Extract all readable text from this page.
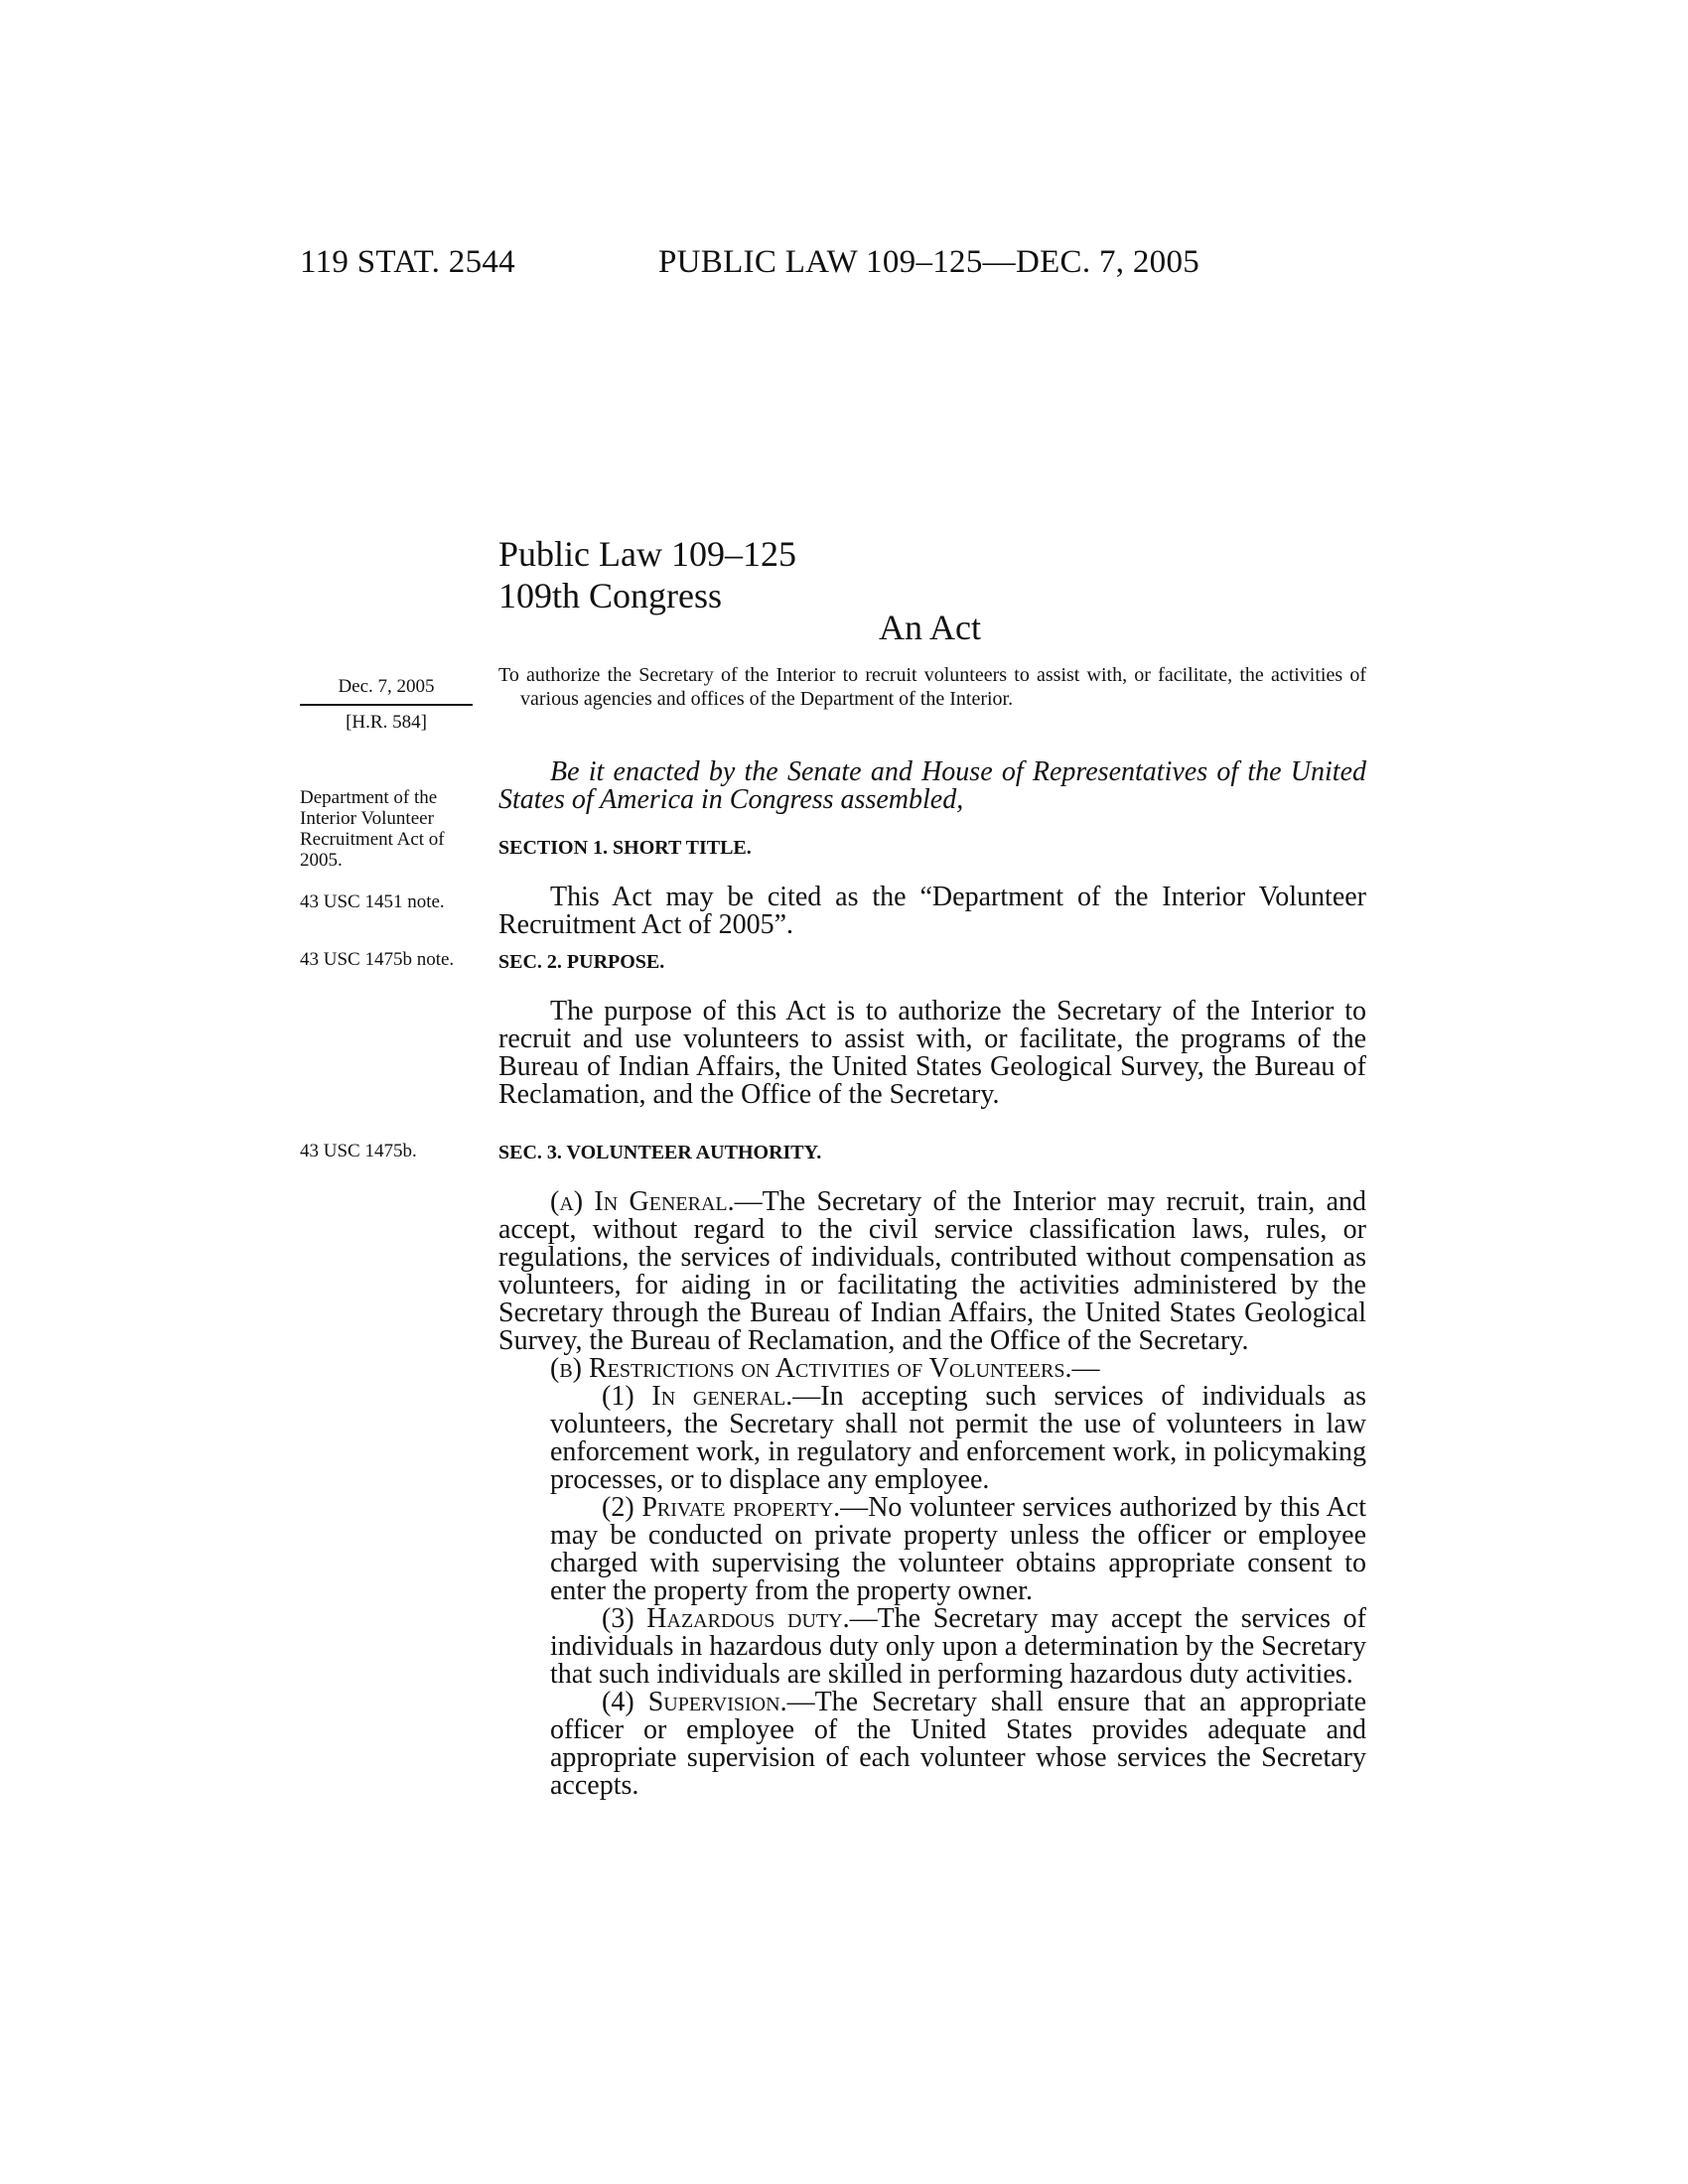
119 STAT. 2544	PUBLIC LAW 109–125—DEC. 7, 2005
Public Law 109–125
109th Congress
An Act
Dec. 7, 2005
[H.R. 584]

To authorize the Secretary of the Interior to recruit volunteers to assist with, or facilitate, the activities of various agencies and offices of the Department of the Interior.

Department of the Interior Volunteer Recruitment Act of 2005.
43 USC 1451 note.
43 USC 1475b note.
43 USC 1475b.

Be it enacted by the Senate and House of Representatives of the United States of America in Congress assembled,

SECTION 1. SHORT TITLE.

This Act may be cited as the “Department of the Interior Volunteer Recruitment Act of 2005”.

SEC. 2. PURPOSE.

The purpose of this Act is to authorize the Secretary of the Interior to recruit and use volunteers to assist with, or facilitate, the programs of the Bureau of Indian Affairs, the United States Geological Survey, the Bureau of Reclamation, and the Office of the Secretary.

SEC. 3. VOLUNTEER AUTHORITY.

(a) In General.—The Secretary of the Interior may recruit, train, and accept, without regard to the civil service classification laws, rules, or regulations, the services of individuals, contributed without compensation as volunteers, for aiding in or facilitating the activities administered by the Secretary through the Bureau of Indian Affairs, the United States Geological Survey, the Bureau of Reclamation, and the Office of the Secretary.

(b) Restrictions on Activities of Volunteers.—

(1) In general.—In accepting such services of individuals as volunteers, the Secretary shall not permit the use of volunteers in law enforcement work, in regulatory and enforcement work, in policymaking processes, or to displace any employee.

(2) Private property.—No volunteer services authorized by this Act may be conducted on private property unless the officer or employee charged with supervising the volunteer obtains appropriate consent to enter the property from the property owner.

(3) Hazardous duty.—The Secretary may accept the services of individuals in hazardous duty only upon a determination by the Secretary that such individuals are skilled in performing hazardous duty activities.

(4) Supervision.—The Secretary shall ensure that an appropriate officer or employee of the United States provides adequate and appropriate supervision of each volunteer whose services the Secretary accepts.
